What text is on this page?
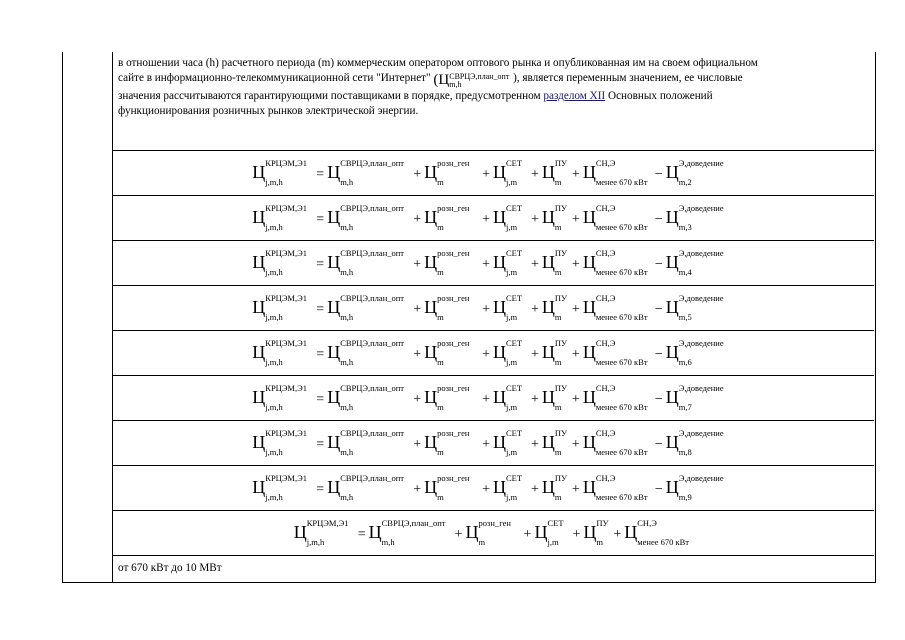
в отношении часа (h) расчетного периода (m) коммерческим оператором оптового рынка и опубликованная им на своем официальном
сайте в информационно-телекоммуникационной сети "Интернет" (Ц СВРЦЭ,план_опт
m,h
), является переменным значением, ее числовые
значения рассчитываются гарантирующими поставщиками в порядке, предусмотренном разделом XII Основных положений
функционирования розничных рынков электрической энергии.
Ц КРЦЭМ,Э1
j,m,h = Ц СВРЦЭ,план_опт
m,h	+ Ц розн_ген
m	+ Ц СЕТ
j,m + Ц ПУ
m + Ц СН,Э
менее 670 кВт − Ц Э,доведение
m,2
Ц КРЦЭМ,Э1
j,m,h = Ц СВРЦЭ,план_опт
m,h	+ Ц розн_ген
m	+ Ц СЕТ
j,m + Ц ПУ
m + Ц СН,Э
менее 670 кВт − Ц Э,доведение
m,3
Ц КРЦЭМ,Э1
j,m,h = Ц СВРЦЭ,план_опт
m,h	+ Ц розн_ген
m	+ Ц СЕТ
j,m + Ц ПУ
m + Ц СН,Э
менее 670 кВт − Ц Э,доведение
m,4
Ц КРЦЭМ,Э1
j,m,h = Ц СВРЦЭ,план_опт
m,h	+ Ц розн_ген
m	+ Ц СЕТ
j,m + Ц ПУ
m + Ц СН,Э
менее 670 кВт − Ц Э,доведение
m,5
Ц КРЦЭМ,Э1
j,m,h = Ц СВРЦЭ,план_опт
m,h	+ Ц розн_ген
m	+ Ц СЕТ
j,m + Ц ПУ
m + Ц СН,Э
менее 670 кВт − Ц Э,доведение
m,6
Ц КРЦЭМ,Э1
j,m,h = Ц СВРЦЭ,план_опт
m,h	+ Ц розн_ген
m	+ Ц СЕТ
j,m + Ц ПУ
m + Ц СН,Э
менее 670 кВт − Ц Э,доведение
m,7
Ц КРЦЭМ,Э1
j,m,h = Ц СВРЦЭ,план_опт
m,h	+ Ц розн_ген
m	+ Ц СЕТ
j,m + Ц ПУ
m + Ц СН,Э
менее 670 кВт − Ц Э,доведение
m,8
Ц КРЦЭМ,Э1
j,m,h = Ц СВРЦЭ,план_опт
m,h	+ Ц розн_ген
m	+ Ц СЕТ
j,m + Ц ПУ
m + Ц СН,Э
менее 670 кВт − Ц Э,доведение
m,9
Ц КРЦЭМ,Э1
j,m,h = Ц СВРЦЭ,план_опт
m,h	+ Ц розн_ген
m	+ Ц СЕТ
j,m + Ц ПУ
m + Ц СН,Э
менее 670 кВт
от 670 кВт до 10 МВт
